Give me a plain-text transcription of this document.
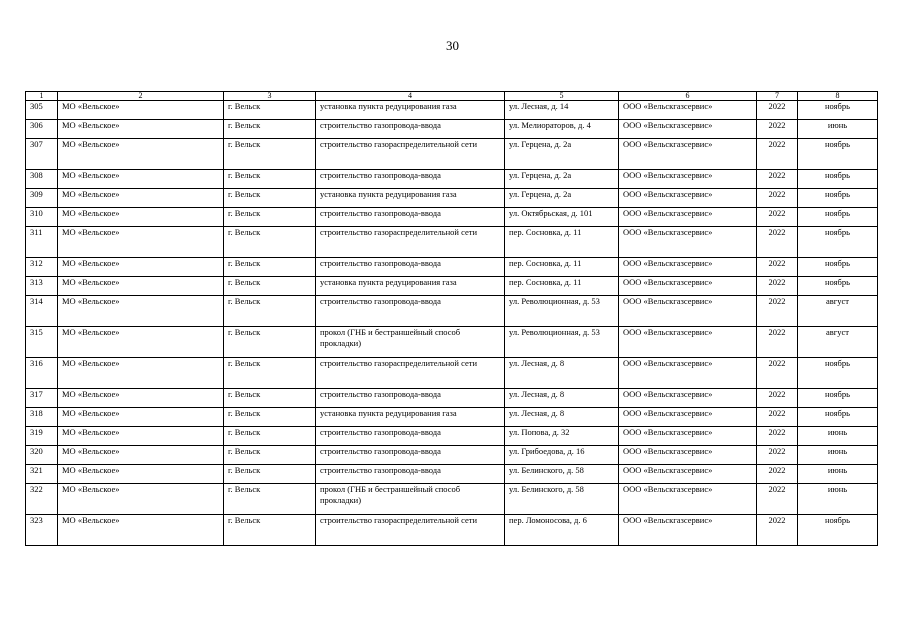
30
1	2	3	4	5	6	7	8
305	МО «Вельское»	г. Вельск	установка пункта редуцирования газа	ул. Лесная, д. 14	ООО «Вельскгазсервис»	2022	ноябрь
306	МО «Вельское»	г. Вельск	строительство газопровода-ввода	ул. Мелиораторов, д. 4	ООО «Вельскгазсервис»	2022	июнь
307	МО «Вельское»	г. Вельск	строительство газораспределительной сети	ул. Герцена, д. 2а	ООО «Вельскгазсервис»	2022	ноябрь
308	МО «Вельское»	г. Вельск	строительство газопровода-ввода	ул. Герцена, д. 2а	ООО «Вельскгазсервис»	2022	ноябрь
309	МО «Вельское»	г. Вельск	установка пункта редуцирования газа	ул. Герцена, д. 2а	ООО «Вельскгазсервис»	2022	ноябрь
310	МО «Вельское»	г. Вельск	строительство газопровода-ввода	ул. Октябрьская, д. 101	ООО «Вельскгазсервис»	2022	ноябрь
311	МО «Вельское»	г. Вельск	строительство газораспределительной сети	пер. Сосновка, д. 11	ООО «Вельскгазсервис»	2022	ноябрь
312	МО «Вельское»	г. Вельск	строительство газопровода-ввода	пер. Сосновка, д. 11	ООО «Вельскгазсервис»	2022	ноябрь
313	МО «Вельское»	г. Вельск	установка пункта редуцирования газа	пер. Сосновка, д. 11	ООО «Вельскгазсервис»	2022	ноябрь
314	МО «Вельское»	г. Вельск	строительство газопровода-ввода	ул. Революционная, д. 53	ООО «Вельскгазсервис»	2022	август
315	МО «Вельское»	г. Вельск	прокол (ГНБ и бестраншейный способ прокладки)	ул. Революционная, д. 53	ООО «Вельскгазсервис»	2022	август
316	МО «Вельское»	г. Вельск	строительство газораспределительной сети	ул. Лесная, д. 8	ООО «Вельскгазсервис»	2022	ноябрь
317	МО «Вельское»	г. Вельск	строительство газопровода-ввода	ул. Лесная, д. 8	ООО «Вельскгазсервис»	2022	ноябрь
318	МО «Вельское»	г. Вельск	установка пункта редуцирования газа	ул. Лесная, д. 8	ООО «Вельскгазсервис»	2022	ноябрь
319	МО «Вельское»	г. Вельск	строительство газопровода-ввода	ул. Попова, д. 32	ООО «Вельскгазсервис»	2022	июнь
320	МО «Вельское»	г. Вельск	строительство газопровода-ввода	ул. Грибоедова, д. 16	ООО «Вельскгазсервис»	2022	июнь
321	МО «Вельское»	г. Вельск	строительство газопровода-ввода	ул. Белинского, д. 58	ООО «Вельскгазсервис»	2022	июнь
322	МО «Вельское»	г. Вельск	прокол (ГНБ и бестраншейный способ прокладки)	ул. Белинского, д. 58	ООО «Вельскгазсервис»	2022	июнь
323	МО «Вельское»	г. Вельск	строительство газораспределительной сети	пер. Ломоносова, д. 6	ООО «Вельскгазсервис»	2022	ноябрь
